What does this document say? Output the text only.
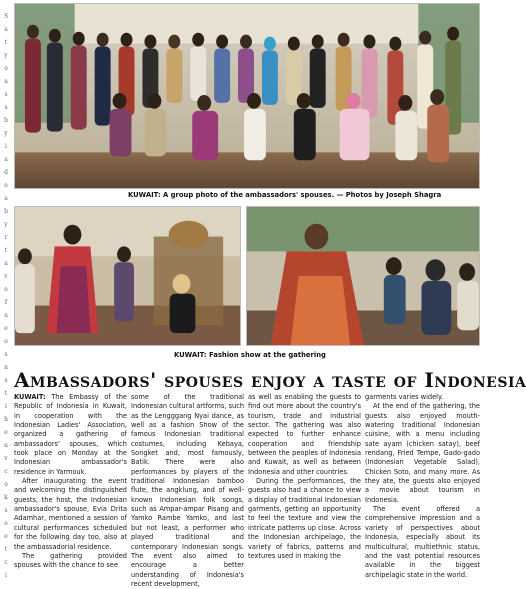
S
a
t
y
o
a
s
s
b
y
i
a
d
e
a
b
y
r
t
a
v
e
f
a
e
o
s
n
s
t
i
h
e
n
v
c
o
k
s
e
e
t
c
i
KUWAIT: A group photo of the ambassadors' spouses. — Photos by Joseph Shagra
KUWAIT: Fashion show at the gathering
Ambassadors' spouses enjoy a taste of Indonesia

KUWAIT: The Embassy of the Republic of Indonesia in Kuwait, in cooperation with the Indonesian Ladies' Association, organized a gathering of ambassadors' spouses, which took place on Monday at the Indonesian ambassador's residence in Yarmouk.

After inaugurating the event and welcoming the distinguished guests, the host, the Indonesian ambassador's spouse, Evia Drita Adamhar, mentioned a session of cultural performances scheduled for the following day too, also at the ambassadorial residence.

The gathering provided spouses with the chance to see

some of the traditional Indonesian cultural artforms, such as the Lengggang Nyai dance, as well as a fashion Show of the famous Indonesian traditional costumes, including Kebaya, Songket and, most famously, Batik. There were also performances by players of the traditional Indonesian bamboo flute, the angklung, and of well-known Indonesian folk songs, such as Ampar-ampar Pisang and Yamko Rambe Yamko, and last but not least, a performer who played traditional and contemporary Indonesian songs. The event also aimed to encourage a better understanding of Indonesia's recent development,

as well as enabling the guests to find out more about the country's tourism, trade and industrial sector. The gathering was also expected to further enhance cooperation and friendship between the peoples of Indonesia and Kuwait, as well as between Indonesia and other countries.

During the performances, the guests also had a chance to view a display of traditional Indonesian garments, getting an opportunity to feel the texture and view the intricate patterns up close. Across the Indonesian archipelago, the variety of fabrics, patterns and textures used in making the

garments varies widely.

At the end of the gathering, the guests also enjoyed mouth-watering traditional Indonesian cuisine, with a menu including sate ayam (chicken satay), beef rendang, Fried Tempe, Gado-gado (Indonesian Vegetable Salad), Chicken Soto, and many more. As they ate, the guests also enjoyed a movie about tourism in Indonesia.

The event offered a comprehensive impression and a variety of perspectives about Indonesia, especially about its multicultural, multiethnic status, and the vast potential resources available in the biggest archipelagic state in the world.
